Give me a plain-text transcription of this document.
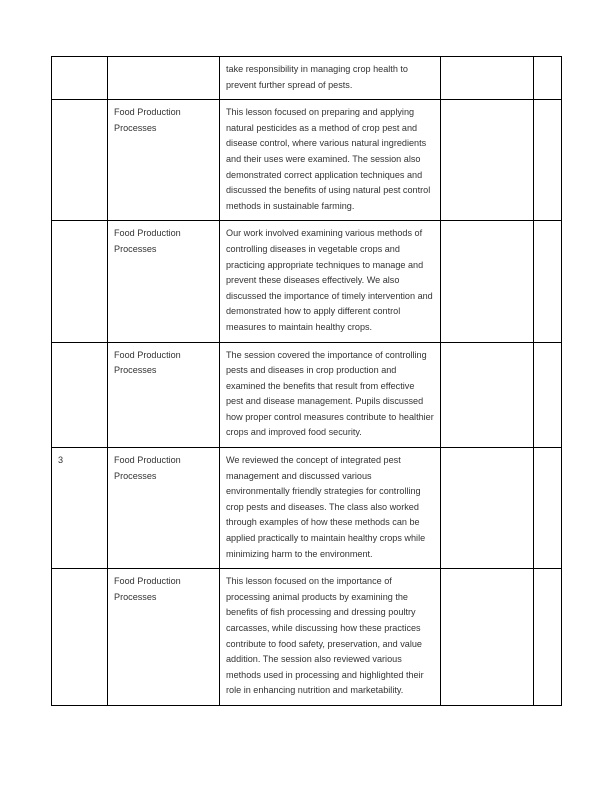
		take responsibility in managing crop health to prevent further spread of pests.		

	Food Production Processes	This lesson focused on preparing and applying natural pesticides as a method of crop pest and disease control, where various natural ingredients and their uses were examined. The session also demonstrated correct application techniques and discussed the benefits of using natural pest control methods in sustainable farming.		

	Food Production Processes	Our work involved examining various methods of controlling diseases in vegetable crops and practicing appropriate techniques to manage and prevent these diseases effectively. We also discussed the importance of timely intervention and demonstrated how to apply different control measures to maintain healthy crops.		

	Food Production Processes	The session covered the importance of controlling pests and diseases in crop production and examined the benefits that result from effective pest and disease management. Pupils discussed how proper control measures contribute to healthier crops and improved food security.		

3	Food Production Processes	We reviewed the concept of integrated pest management and discussed various environmentally friendly strategies for controlling crop pests and diseases. The class also worked through examples of how these methods can be applied practically to maintain healthy crops while minimizing harm to the environment.		

	Food Production Processes	This lesson focused on the importance of processing animal products by examining the benefits of fish processing and dressing poultry carcasses, while discussing how these practices contribute to food safety, preservation, and value addition. The session also reviewed various methods used in processing and highlighted their role in enhancing nutrition and marketability.		
